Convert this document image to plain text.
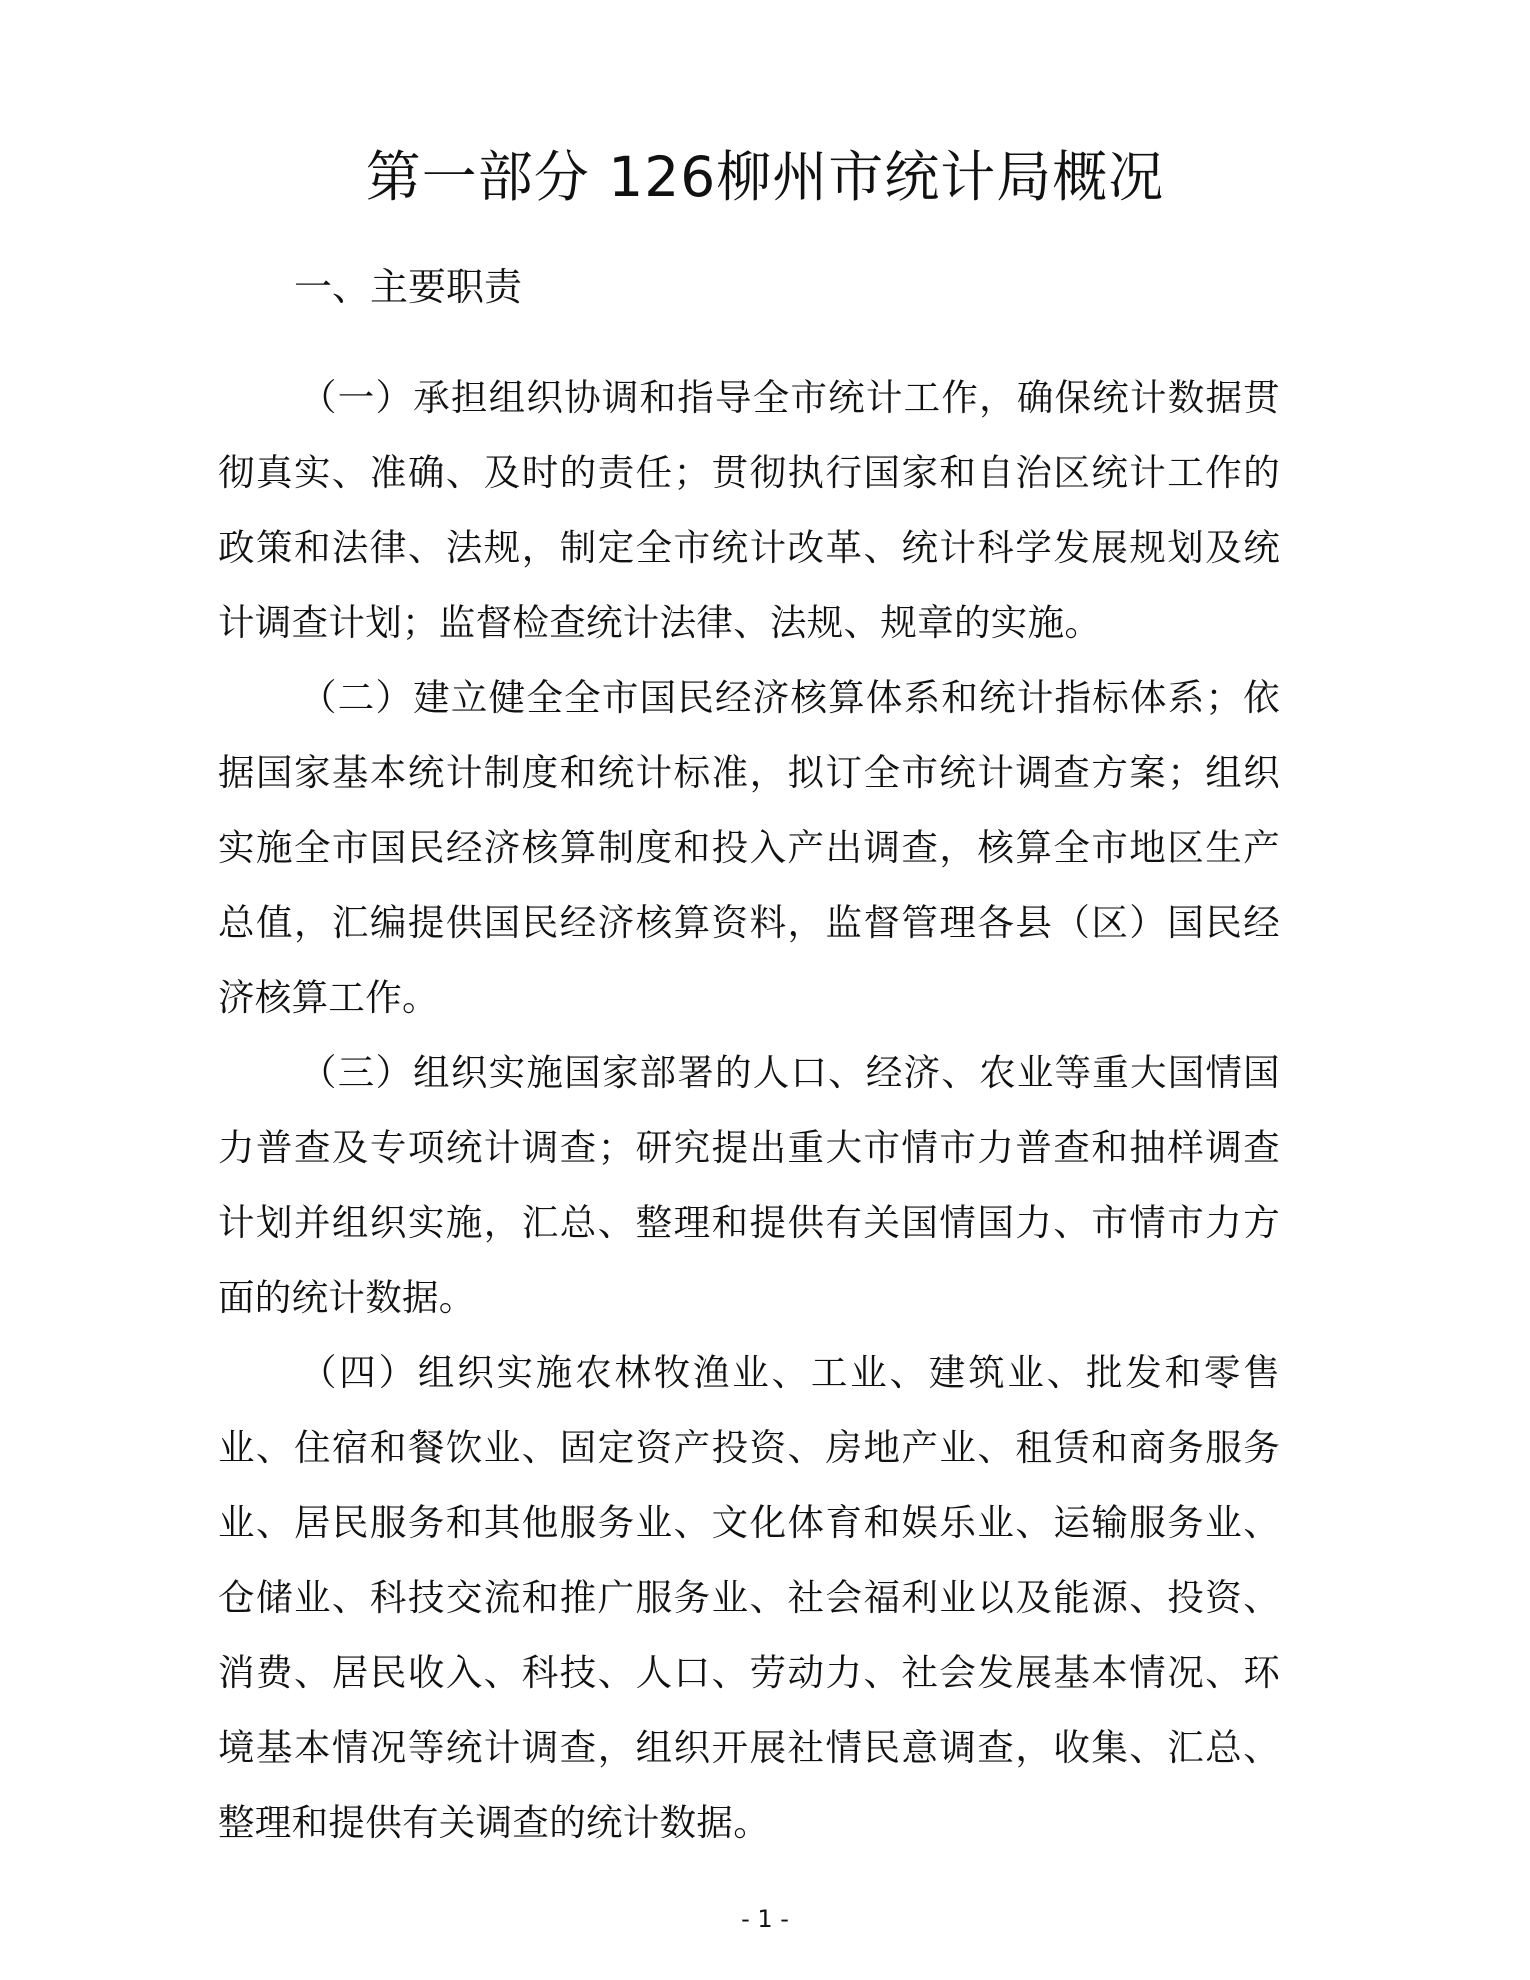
第一部分 126柳州市统计局概况
一、主要职责

（一）承担组织协调和指导全市统计工作，确保统计数据贯彻真实、准确、及时的责任；贯彻执行国家和自治区统计工作的政策和法律、法规，制定全市统计改革、统计科学发展规划及统计调查计划；监督检查统计法律、法规、规章的实施。

（二）建立健全全市国民经济核算体系和统计指标体系；依据国家基本统计制度和统计标准，拟订全市统计调查方案；组织实施全市国民经济核算制度和投入产出调查，核算全市地区生产总值，汇编提供国民经济核算资料，监督管理各县（区）国民经济核算工作。

（三）组织实施国家部署的人口、经济、农业等重大国情国力普查及专项统计调查；研究提出重大市情市力普查和抽样调查计划并组织实施，汇总、整理和提供有关国情国力、市情市力方面的统计数据。

（四）组织实施农林牧渔业、工业、建筑业、批发和零售业、住宿和餐饮业、固定资产投资、房地产业、租赁和商务服务业、居民服务和其他服务业、文化体育和娱乐业、运输服务业、仓储业、科技交流和推广服务业、社会福利业以及能源、投资、消费、居民收入、科技、人口、劳动力、社会发展基本情况、环境基本情况等统计调查，组织开展社情民意调查，收集、汇总、整理和提供有关调查的统计数据。

- 1 -
